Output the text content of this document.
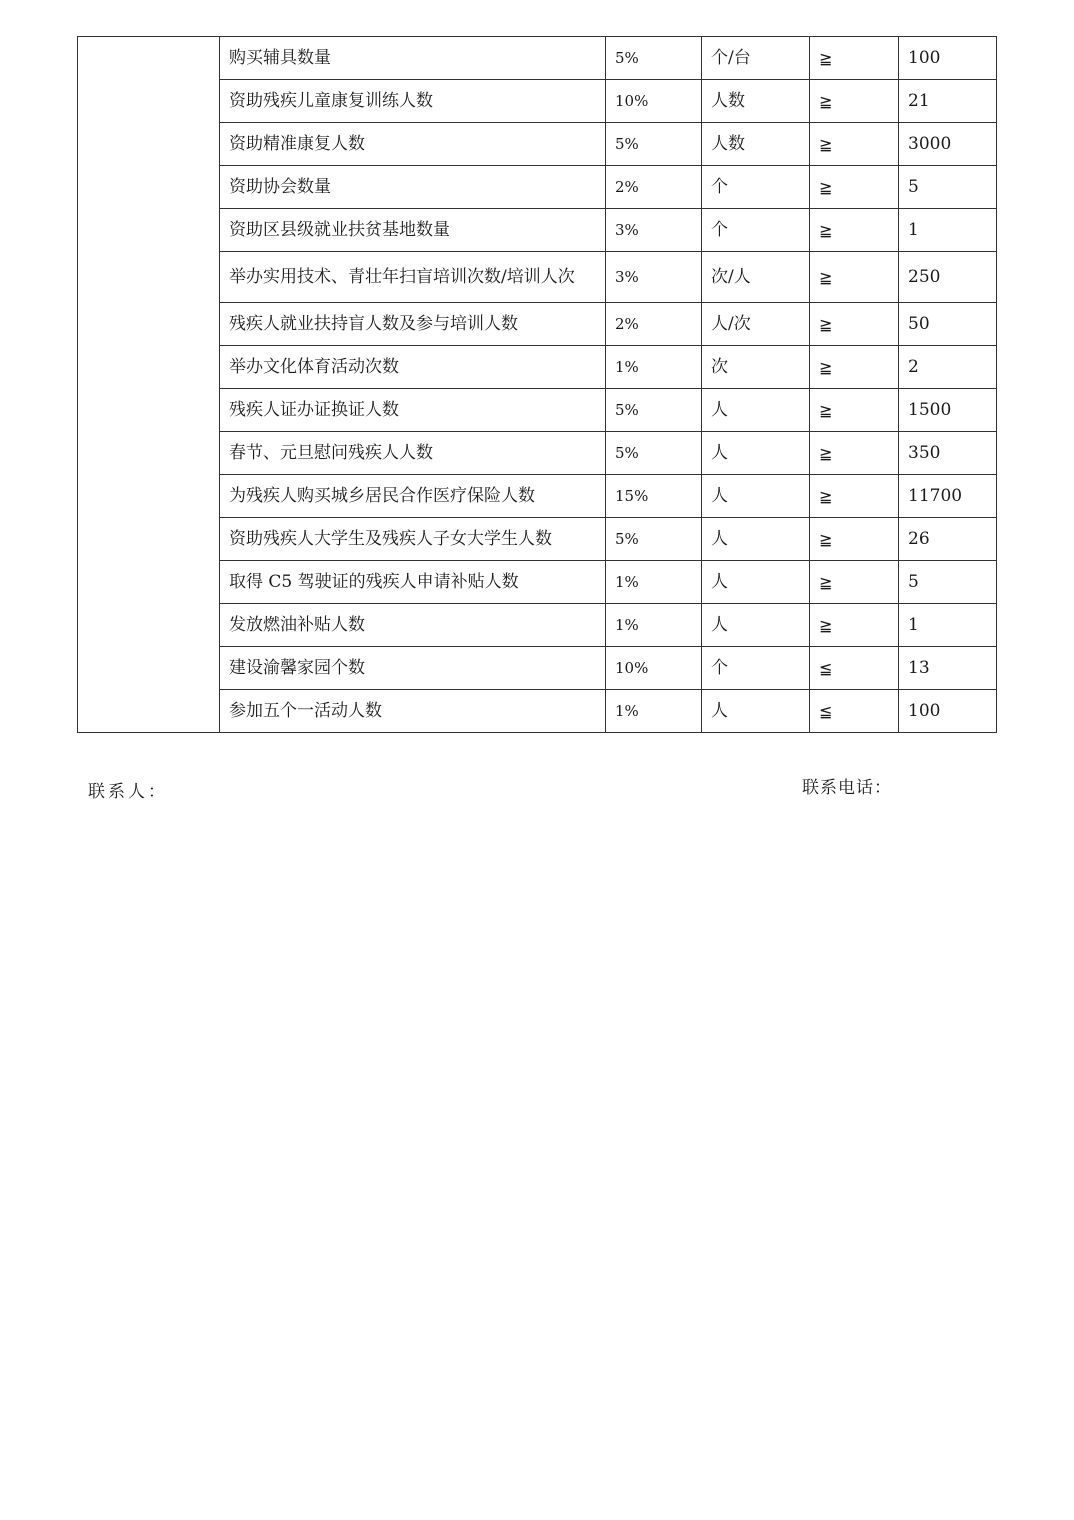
	购买辅具数量	5%	个/台	≧	100
	资助残疾儿童康复训练人数	10%	人数	≧	21
	资助精准康复人数	5%	人数	≧	3000
	资助协会数量	2%	个	≧	5
	资助区县级就业扶贫基地数量	3%	个	≧	1
	举办实用技术、青壮年扫盲培训次数/培训人次	3%	次/人	≧	250
	残疾人就业扶持盲人数及参与培训人数	2%	人/次	≧	50
	举办文化体育活动次数	1%	次	≧	2
	残疾人证办证换证人数	5%	人	≧	1500
	春节、元旦慰问残疾人人数	5%	人	≧	350
	为残疾人购买城乡居民合作医疗保险人数	15%	人	≧	11700
	资助残疾人大学生及残疾人子女大学生人数	5%	人	≧	26
	取得 C5 驾驶证的残疾人申请补贴人数	1%	人	≧	5
	发放燃油补贴人数	1%	人	≧	1
	建设渝馨家园个数	10%	个	≦	13
	参加五个一活动人数	1%	人	≦	100
联系人：	联系电话：
